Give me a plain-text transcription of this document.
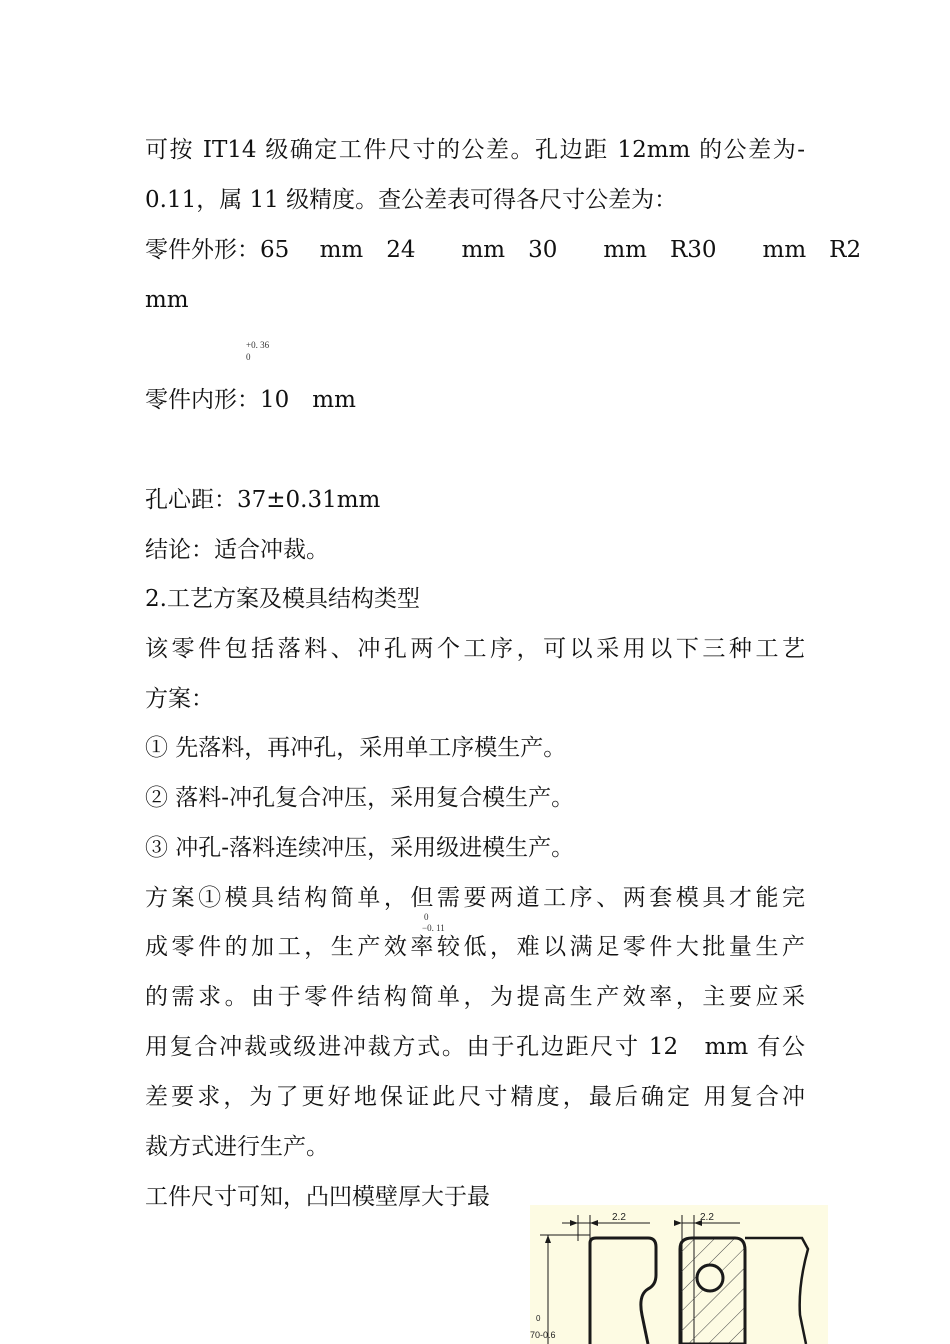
可按 IT14 级确定工件尺寸的公差。孔边距 12mm 的公差为-
0.11，属 11 级精度。查公差表可得各尺寸公差为：
零件外形：65　 mm　24　　mm　30　　mm　R30　　mm　R2
mm
+0. 36
0
零件内形：10　mm
孔心距：37±0.31mm
结论：适合冲裁。
2.工艺方案及模具结构类型
该零件包括落料、冲孔两个工序，可以采用以下三种工艺
方案：
① 先落料，再冲孔，采用单工序模生产。
② 落料-冲孔复合冲压，采用复合模生产。
③ 冲孔-落料连续冲压，采用级进模生产。
方案①模具结构简单，但需要两道工序、两套模具才能完
0
−0. 11
成零件的加工，生产效率较低，难以满足零件大批量生产
的需求。由于零件结构简单，为提高生产效率，主要应采
用复合冲裁或级进冲裁方式。由于孔边距尺寸 12　mm 有公
差要求，为了更好地保证此尺寸精度，最后确定 用复合冲
裁方式进行生产。
工件尺寸可知，凸凹模壁厚大于最
2.2	2.2
0
70-0.6
